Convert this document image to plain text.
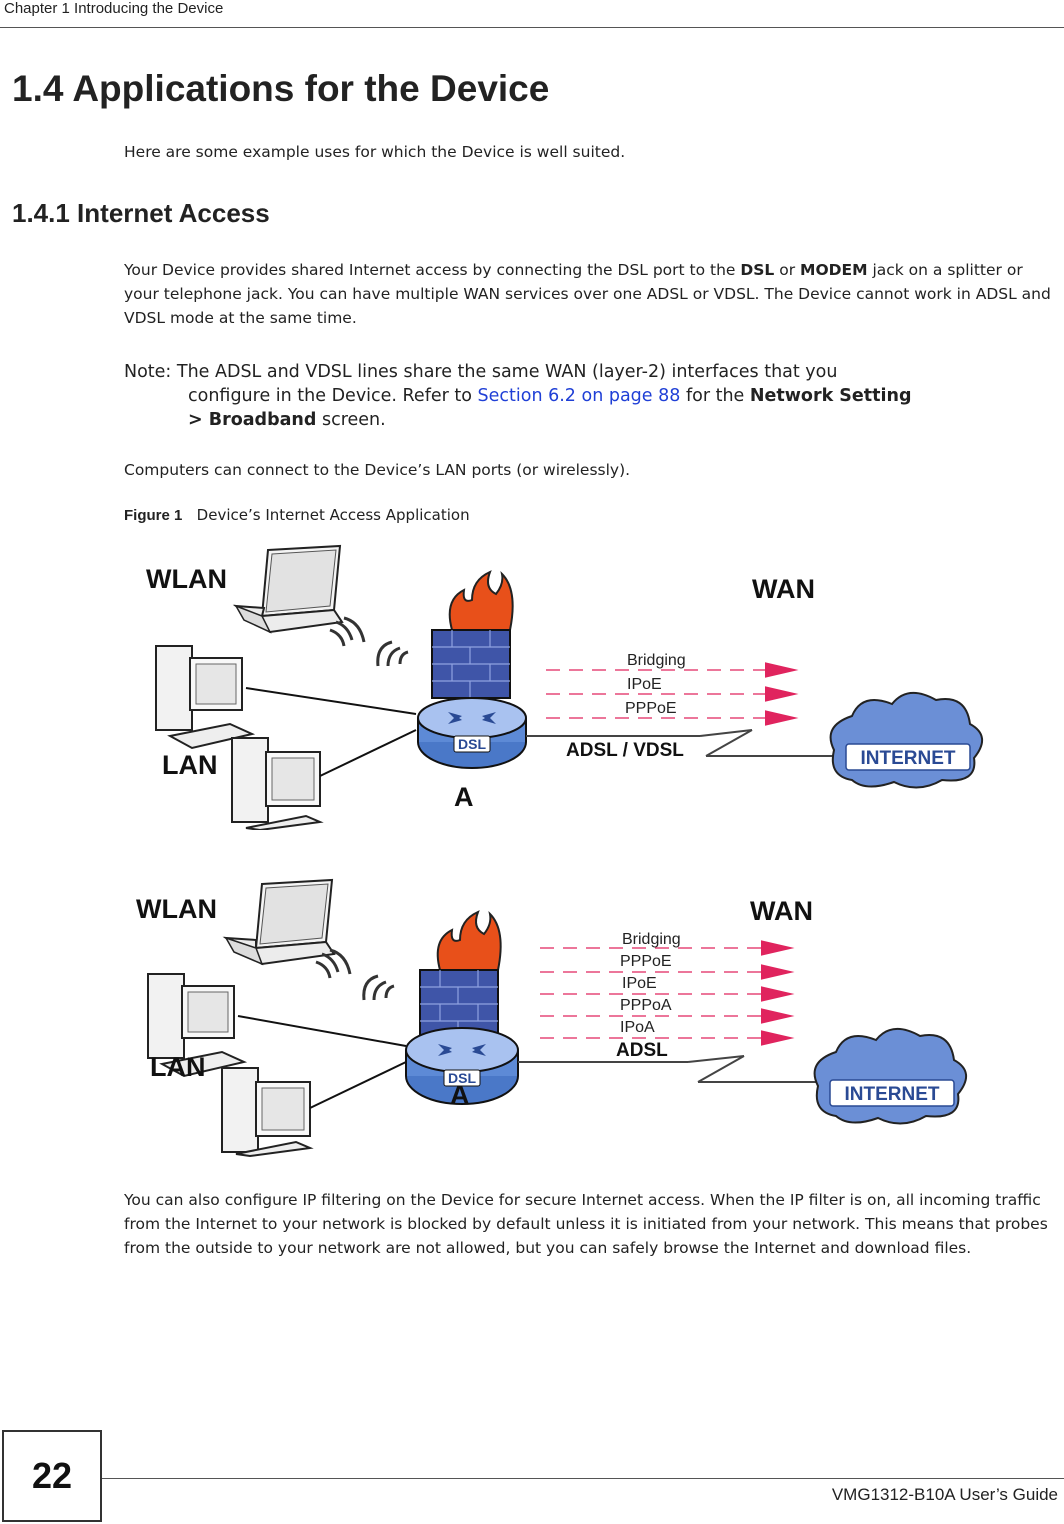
Chapter 1 Introducing the Device
1.4 Applications for the Device
Here are some example uses for which the Device is well suited.
1.4.1 Internet Access
Your Device provides shared Internet access by connecting the DSL port to the DSL or MODEM jack on a splitter or your telephone jack. You can have multiple WAN services over one ADSL or VDSL. The Device cannot work in ADSL and VDSL mode at the same time.
Note: The ADSL and VDSL lines share the same WAN (layer-2) interfaces that you
configure in the Device. Refer to Section 6.2 on page 88 for the Network Setting
> Broadband screen.
Computers can connect to the Device’s LAN ports (or wirelessly).
Figure 1 Device’s Internet Access Application
DSL
INTERNET
WLAN	WAN
LAN
A
ADSL / VDSL
Bridging
IPoE
PPPoE
DSL
INTERNET
WLAN	WAN
LAN
A
ADSL
Bridging
PPPoE
IPoE
PPPoA
IPoA
You can also configure IP filtering on the Device for secure Internet access. When the IP filter is on, all incoming traffic from the Internet to your network is blocked by default unless it is initiated from your network. This means that probes from the outside to your network are not allowed, but you can safely browse the Internet and download files.
22	VMG1312-B10A User’s Guide
